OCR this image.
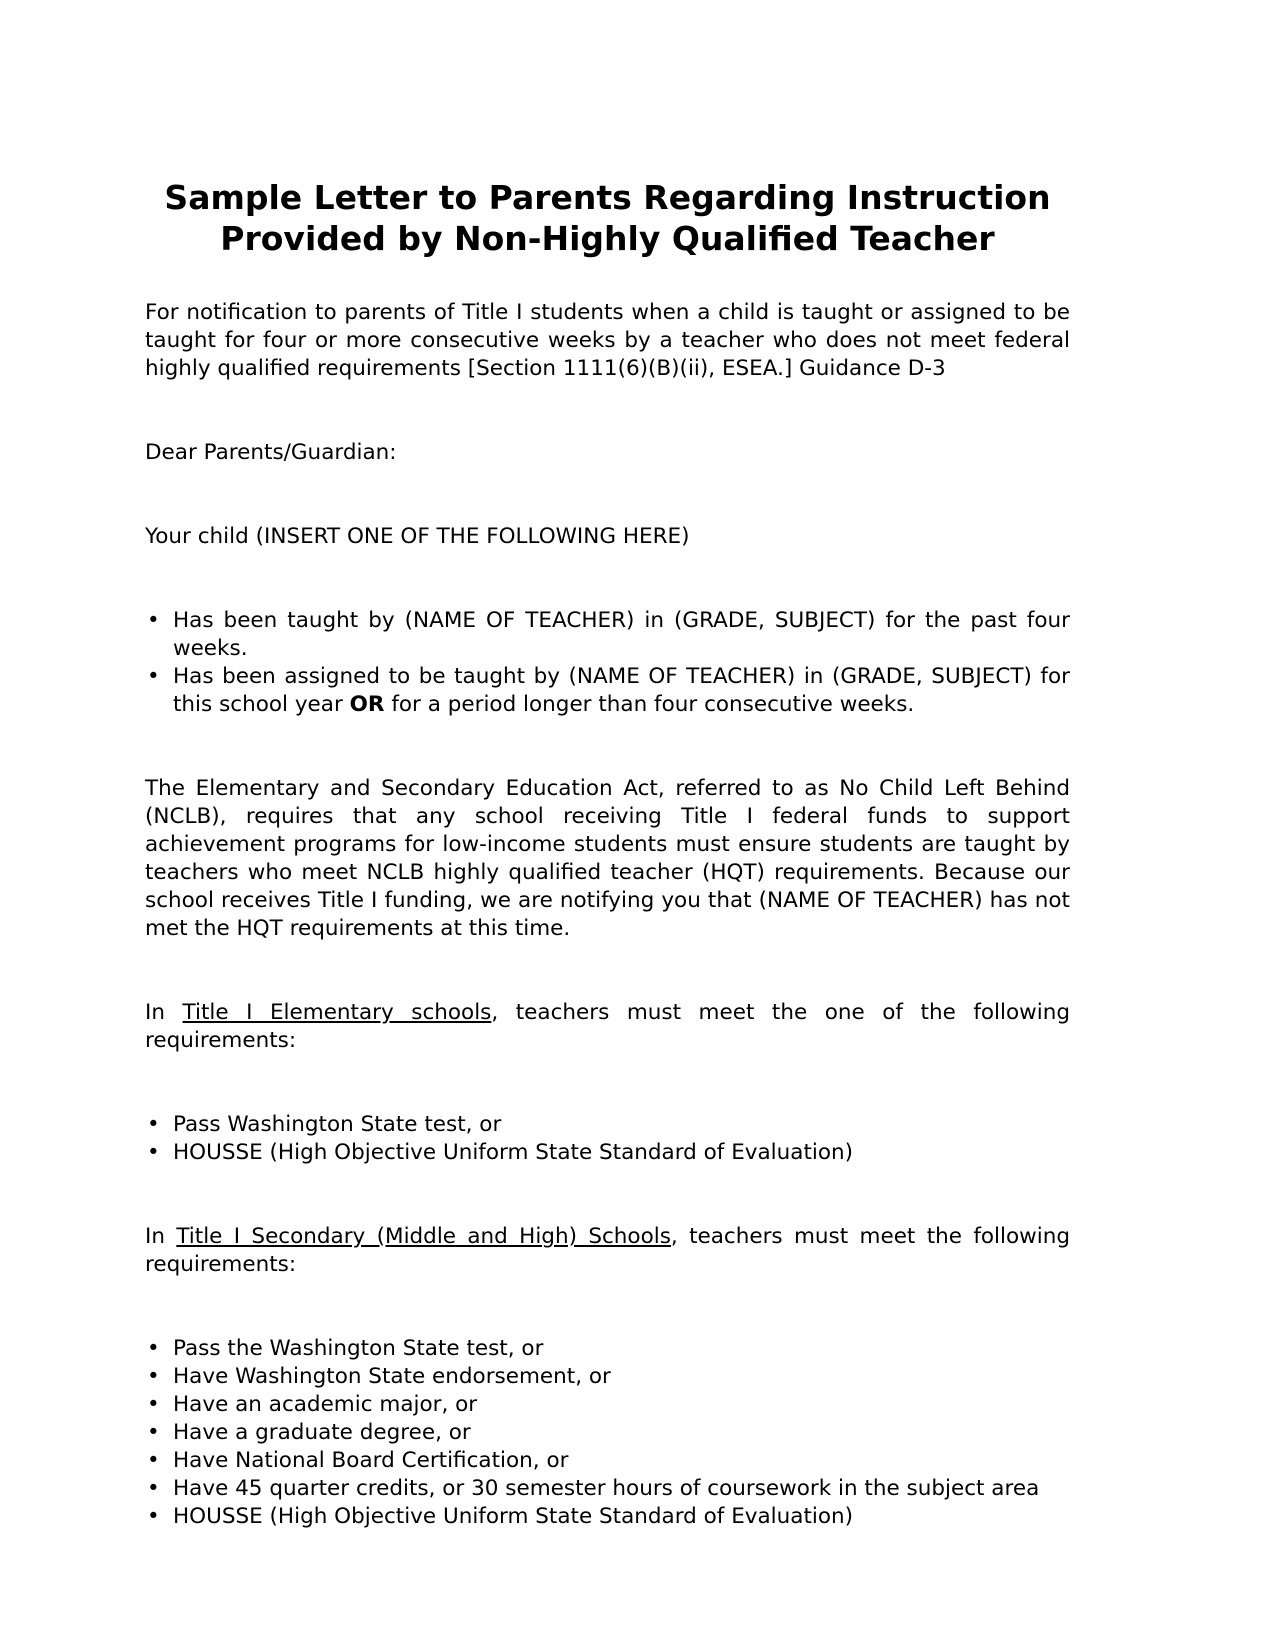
Sample Letter to Parents Regarding Instruction
Provided by Non-Highly Qualified Teacher

For notification to parents of Title I students when a child is taught or assigned to be taught for four or more consecutive weeks by a teacher who does not meet federal highly qualified requirements [Section 1111(6)(B)(ii), ESEA.] Guidance D-3

Dear Parents/Guardian:

Your child (INSERT ONE OF THE FOLLOWING HERE)

• Has been taught by (NAME OF TEACHER) in (GRADE, SUBJECT) for the past four weeks.
• Has been assigned to be taught by (NAME OF TEACHER) in (GRADE, SUBJECT) for this school year OR for a period longer than four consecutive weeks.

The Elementary and Secondary Education Act, referred to as No Child Left Behind (NCLB), requires that any school receiving Title I federal funds to support achievement programs for low-income students must ensure students are taught by teachers who meet NCLB highly qualified teacher (HQT) requirements. Because our school receives Title I funding, we are notifying you that (NAME OF TEACHER) has not met the HQT requirements at this time.

In Title I Elementary schools, teachers must meet the one of the following requirements:

• Pass Washington State test, or
• HOUSSE (High Objective Uniform State Standard of Evaluation)

In Title I Secondary (Middle and High) Schools, teachers must meet the following requirements:

• Pass the Washington State test, or
• Have Washington State endorsement, or
• Have an academic major, or
• Have a graduate degree, or
• Have National Board Certification, or
• Have 45 quarter credits, or 30 semester hours of coursework in the subject area
• HOUSSE (High Objective Uniform State Standard of Evaluation)
